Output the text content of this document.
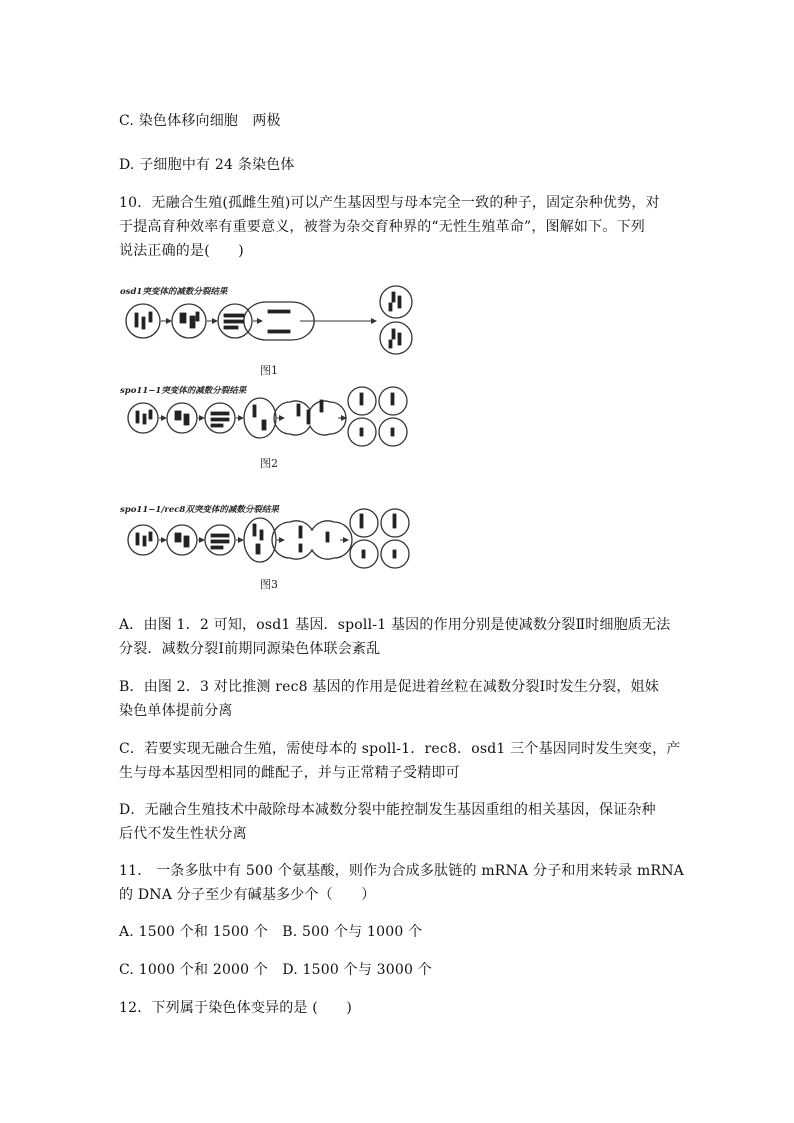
C. 染色体移向细胞　两极
D. 子细胞中有 24 条染色体
10．无融合生殖(孤雌生殖)可以产生基因型与母本完全一致的种子，固定杂种优势，对
于提高育种效率有重要意义，被誉为杂交育种界的“无性生殖革命”，图解如下。下列
说法正确的是(　　)
osd1突变体的减数分裂结果
图1
spo11−1突变体的减数分裂结果
图2
spo11−1/rec8双突变体的减数分裂结果
图3
A．由图 1．2 可知，osd1 基因．spoll-1 基因的作用分别是使减数分裂Ⅱ时细胞质无法
分裂．减数分裂Ⅰ前期同源染色体联会紊乱
B．由图 2．3 对比推测 rec8 基因的作用是促进着丝粒在减数分裂Ⅰ时发生分裂，姐妹
染色单体提前分离
C．若要实现无融合生殖，需使母本的 spoll-1．rec8．osd1 三个基因同时发生突变，产
生与母本基因型相同的雌配子，并与正常精子受精即可
D．无融合生殖技术中敲除母本减数分裂中能控制发生基因重组的相关基因，保证杂种
后代不发生性状分离
11． 一条多肽中有 500 个氨基酸，则作为合成多肽链的 mRNA 分子和用来转录 mRNA
的 DNA 分子至少有碱基多少个（　　）
A. 1500 个和 1500 个　B. 500 个与 1000 个
C. 1000 个和 2000 个　D. 1500 个与 3000 个
12．下列属于染色体变异的是 (　　)
